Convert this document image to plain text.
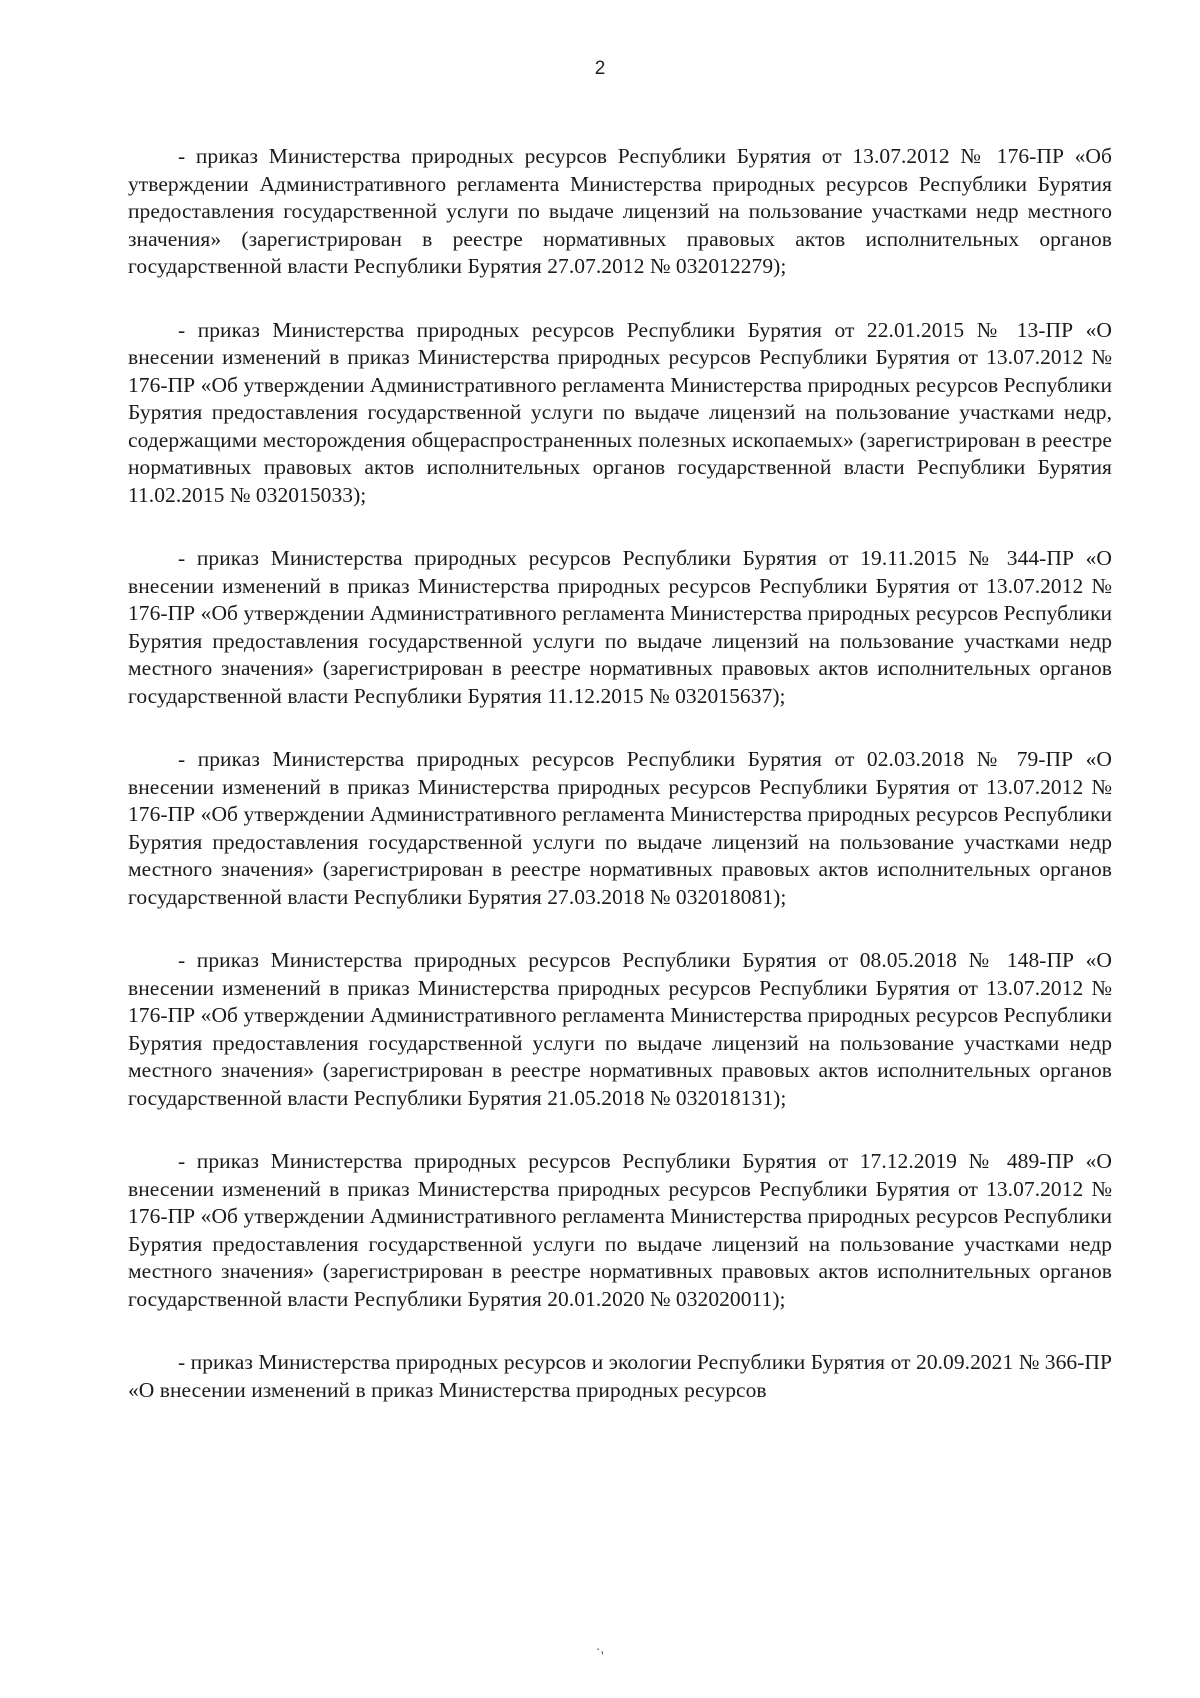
2

- приказ Министерства природных ресурсов Республики Бурятия от 13.07.2012 № 176-ПР «Об утверждении Административного регламента Министерства природных ресурсов Республики Бурятия предоставления государственной услуги по выдаче лицензий на пользование участками недр местного значения» (зарегистрирован в реестре нормативных правовых актов исполнительных органов государственной власти Республики Бурятия 27.07.2012 № 032012279);

- приказ Министерства природных ресурсов Республики Бурятия от 22.01.2015 № 13-ПР «О внесении изменений в приказ Министерства природных ресурсов Республики Бурятия от 13.07.2012 № 176-ПР «Об утверждении Административного регламента Министерства природных ресурсов Республики Бурятия предоставления государственной услуги по выдаче лицензий на пользование участками недр, содержащими месторождения общераспространенных полезных ископаемых» (зарегистрирован в реестре нормативных правовых актов исполнительных органов государственной власти Республики Бурятия 11.02.2015 № 032015033);

- приказ Министерства природных ресурсов Республики Бурятия от 19.11.2015 № 344-ПР «О внесении изменений в приказ Министерства природных ресурсов Республики Бурятия от 13.07.2012 № 176-ПР «Об утверждении Административного регламента Министерства природных ресурсов Республики Бурятия предоставления государственной услуги по выдаче лицензий на пользование участками недр местного значения» (зарегистрирован в реестре нормативных правовых актов исполнительных органов государственной власти Республики Бурятия 11.12.2015 № 032015637);

- приказ Министерства природных ресурсов Республики Бурятия от 02.03.2018 № 79-ПР «О внесении изменений в приказ Министерства природных ресурсов Республики Бурятия от 13.07.2012 № 176-ПР «Об утверждении Административного регламента Министерства природных ресурсов Республики Бурятия предоставления государственной услуги по выдаче лицензий на пользование участками недр местного значения» (зарегистрирован в реестре нормативных правовых актов исполнительных органов государственной власти Республики Бурятия 27.03.2018 № 032018081);

- приказ Министерства природных ресурсов Республики Бурятия от 08.05.2018 № 148-ПР «О внесении изменений в приказ Министерства природных ресурсов Республики Бурятия от 13.07.2012 № 176-ПР «Об утверждении Административного регламента Министерства природных ресурсов Республики Бурятия предоставления государственной услуги по выдаче лицензий на пользование участками недр местного значения» (зарегистрирован в реестре нормативных правовых актов исполнительных органов государственной власти Республики Бурятия 21.05.2018 № 032018131);

- приказ Министерства природных ресурсов Республики Бурятия от 17.12.2019 № 489-ПР «О внесении изменений в приказ Министерства природных ресурсов Республики Бурятия от 13.07.2012 № 176-ПР «Об утверждении Административного регламента Министерства природных ресурсов Республики Бурятия предоставления государственной услуги по выдаче лицензий на пользование участками недр местного значения» (зарегистрирован в реестре нормативных правовых актов исполнительных органов государственной власти Республики Бурятия 20.01.2020 № 032020011);

- приказ Министерства природных ресурсов и экологии Республики Бурятия от 20.09.2021 № 366-ПР «О внесении изменений в приказ Министерства природных ресурсов

·,
